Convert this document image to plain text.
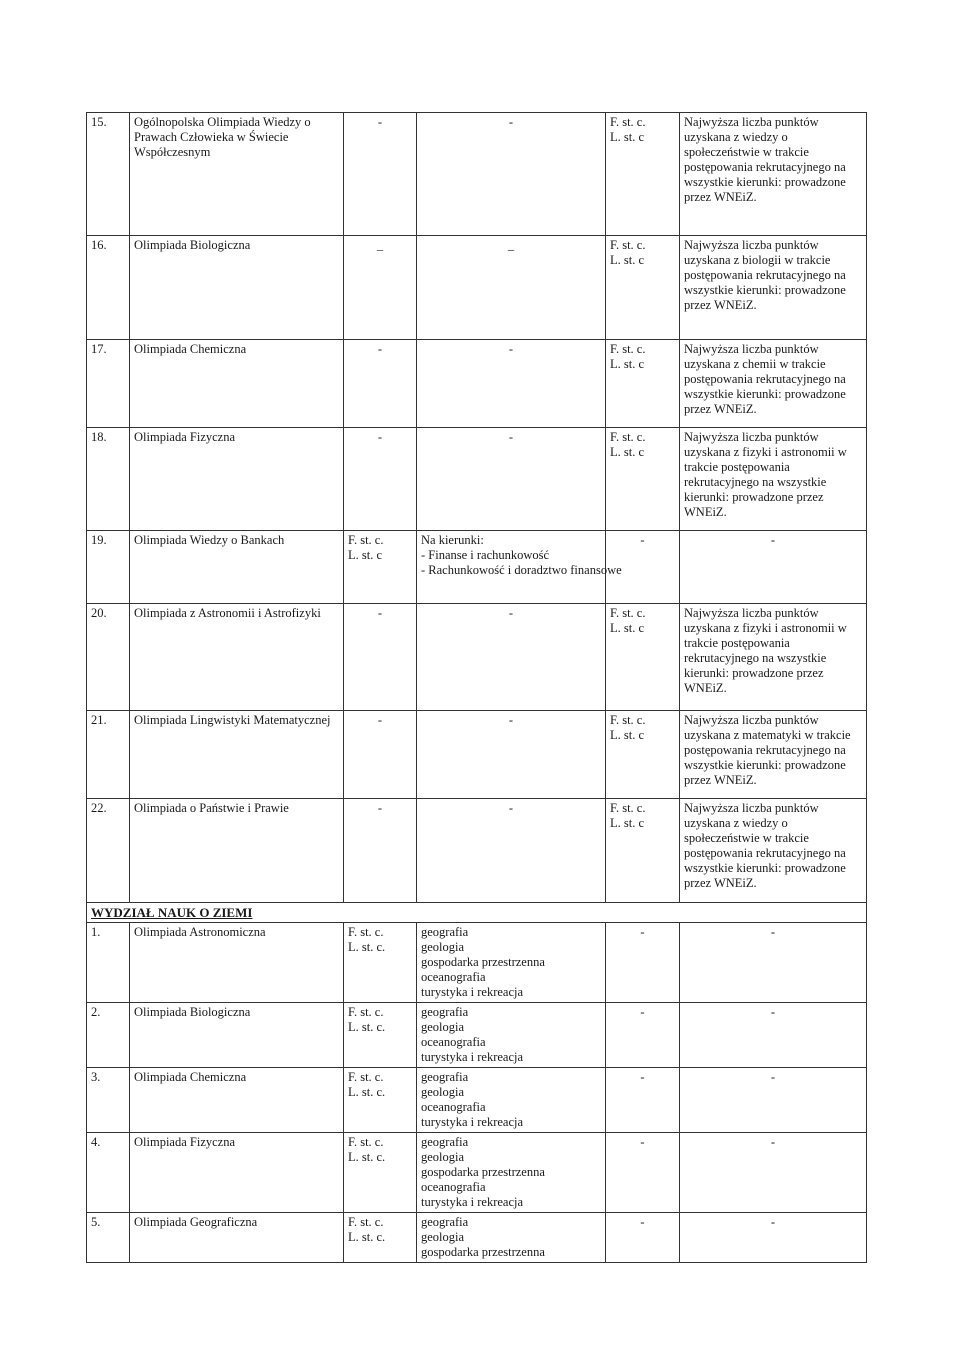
15.	Ogólnopolska Olimpiada Wiedzy o Prawach Człowieka w Świecie Współczesnym	-	-	F. st. c.
L. st. c	Najwyższa liczba punktów uzyskana z wiedzy o społeczeństwie w trakcie postępowania rekrutacyjnego na wszystkie kierunki: prowadzone przez WNEiZ.
16.	Olimpiada Biologiczna	_	_	F. st. c.
L. st. c	Najwyższa liczba punktów uzyskana z biologii w trakcie postępowania rekrutacyjnego na wszystkie kierunki: prowadzone przez WNEiZ.
17.	Olimpiada Chemiczna	-	-	F. st. c.
L. st. c	Najwyższa liczba punktów uzyskana z chemii w trakcie postępowania rekrutacyjnego na wszystkie kierunki: prowadzone przez WNEiZ.
18.	Olimpiada Fizyczna	-	-	F. st. c.
L. st. c	Najwyższa liczba punktów uzyskana z fizyki i astronomii w trakcie postępowania rekrutacyjnego na wszystkie kierunki: prowadzone przez WNEiZ.
19.	Olimpiada Wiedzy o Bankach	F. st. c.
L. st. c	Na kierunki:
- Finanse i rachunkowość
- Rachunkowość i doradztwo finansowe	-	-
20.	Olimpiada z Astronomii i Astrofizyki	-	-	F. st. c.
L. st. c	Najwyższa liczba punktów uzyskana z fizyki i astronomii w trakcie postępowania rekrutacyjnego na wszystkie kierunki: prowadzone przez WNEiZ.
21.	Olimpiada Lingwistyki Matematycznej	-	-	F. st. c.
L. st. c	Najwyższa liczba punktów uzyskana z matematyki w trakcie postępowania rekrutacyjnego na wszystkie kierunki: prowadzone przez WNEiZ.
22.	Olimpiada o Państwie i Prawie	-	-	F. st. c.
L. st. c	Najwyższa liczba punktów uzyskana z wiedzy o społeczeństwie w trakcie postępowania rekrutacyjnego na wszystkie kierunki: prowadzone przez WNEiZ.
WYDZIAŁ NAUK O ZIEMI					
1.	Olimpiada Astronomiczna	F. st. c.
L. st. c.	geografia
geologia
gospodarka przestrzenna
oceanografia
turystyka i rekreacja	-	-
2.	Olimpiada Biologiczna	F. st. c.
L. st. c.	geografia
geologia
oceanografia
turystyka i rekreacja	-	-
3.	Olimpiada Chemiczna	F. st. c.
L. st. c.	geografia
geologia
oceanografia
turystyka i rekreacja	-	-
4.	Olimpiada Fizyczna	F. st. c.
L. st. c.	geografia
geologia
gospodarka przestrzenna
oceanografia
turystyka i rekreacja	-	-
5.	Olimpiada Geograficzna	F. st. c.
L. st. c.	geografia
geologia
gospodarka przestrzenna	-	-
